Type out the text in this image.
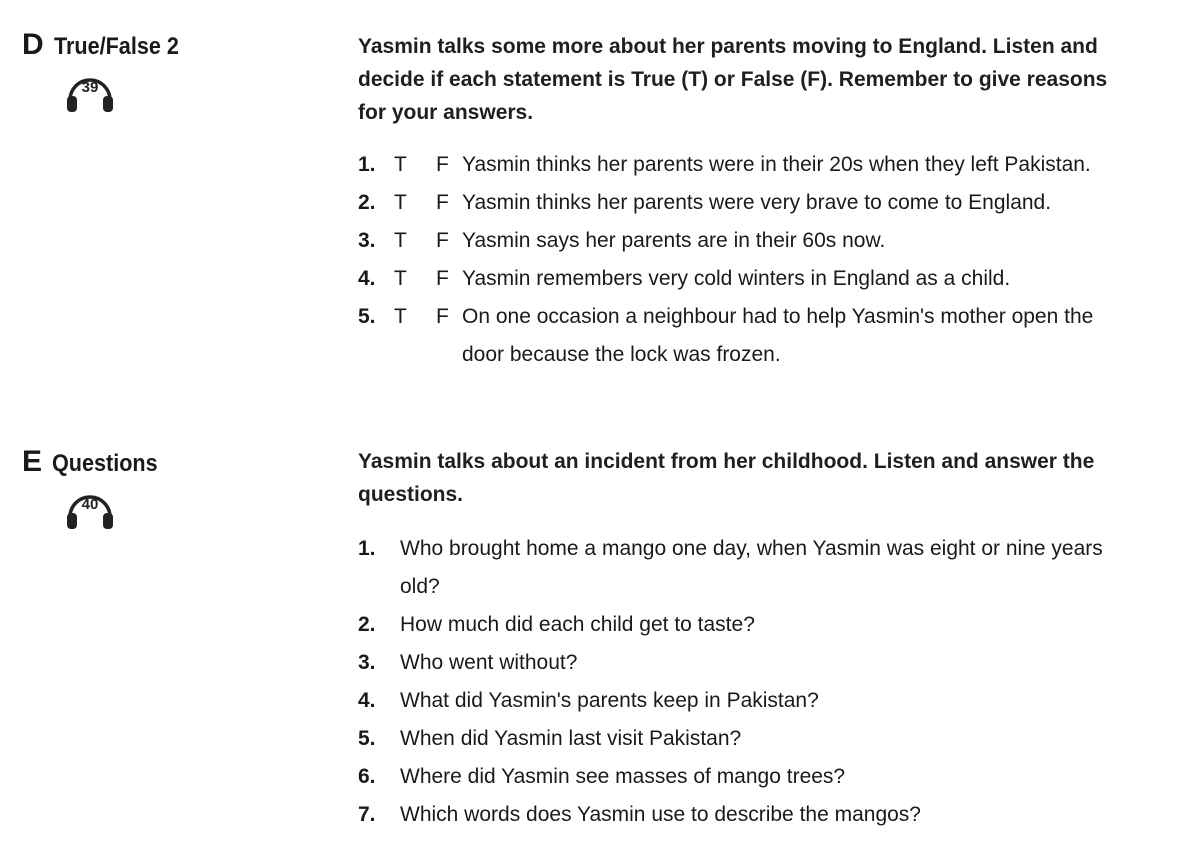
D True/False 2
39
Yasmin talks some more about her parents moving to England. Listen and decide if each statement is True (T) or False (F). Remember to give reasons for your answers.
1. T F Yasmin thinks her parents were in their 20s when they left Pakistan.
2. T F Yasmin thinks her parents were very brave to come to England.
3. T F Yasmin says her parents are in their 60s now.
4. T F Yasmin remembers very cold winters in England as a child.
5. T F On one occasion a neighbour had to help Yasmin's mother open the door because the lock was frozen.
E Questions
40
Yasmin talks about an incident from her childhood. Listen and answer the questions.
1.	Who brought home a mango one day, when Yasmin was eight or nine years old?
2.	How much did each child get to taste?
3.	Who went without?
4.	What did Yasmin's parents keep in Pakistan?
5.	When did Yasmin last visit Pakistan?
6.	Where did Yasmin see masses of mango trees?
7.	Which words does Yasmin use to describe the mangos?
